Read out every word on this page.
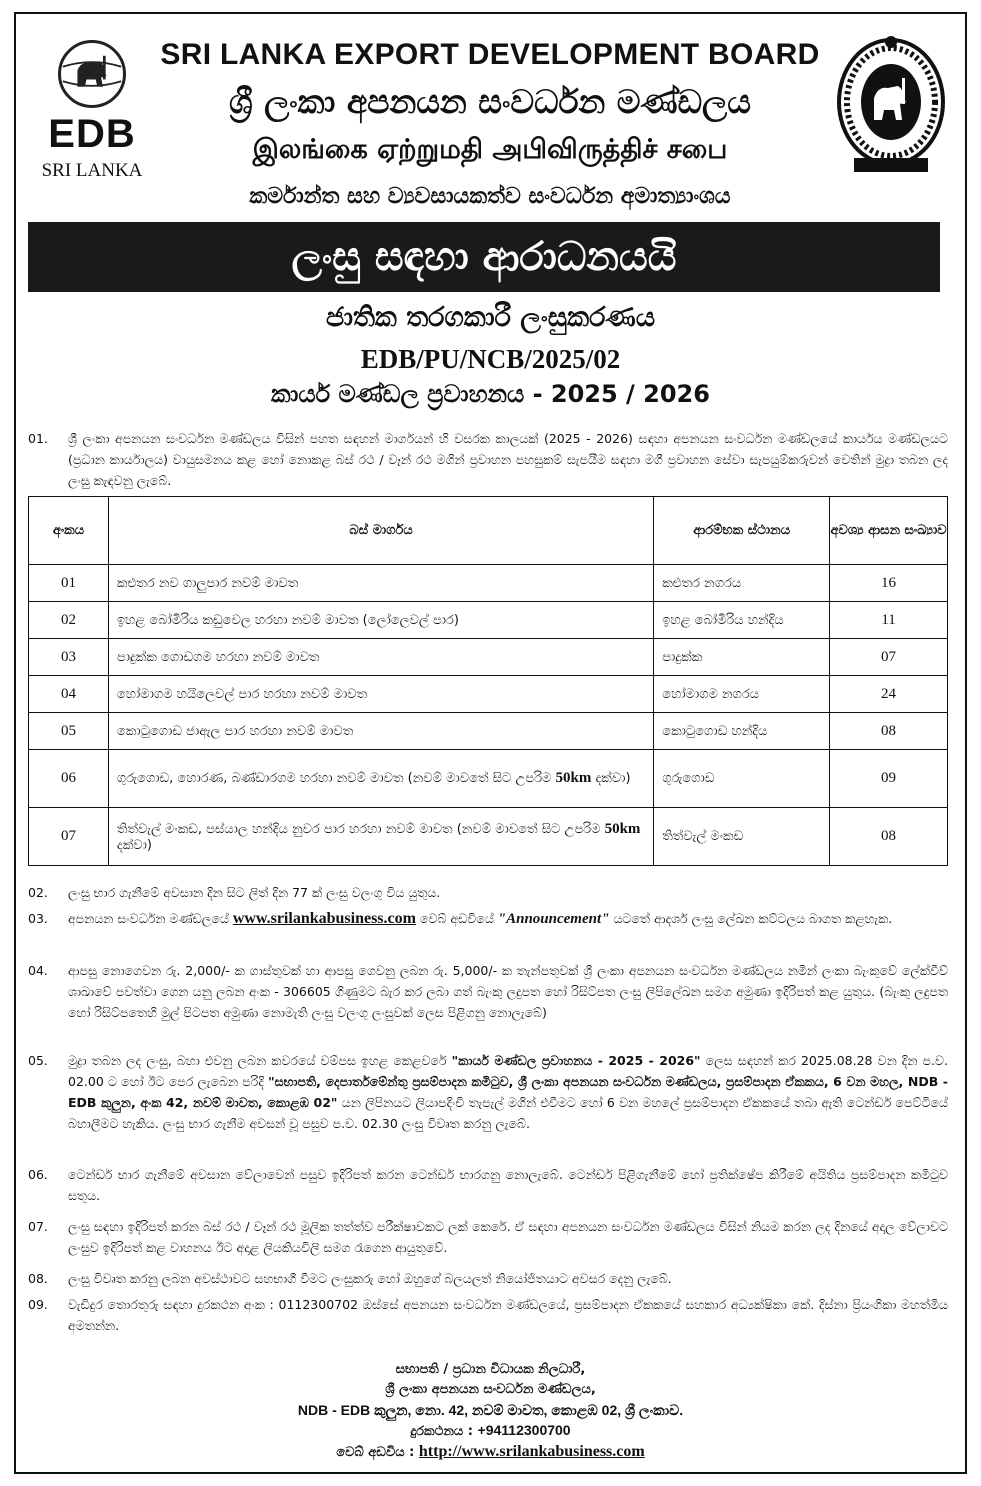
EDB
SRI LANKA
SRI LANKA EXPORT DEVELOPMENT BOARD
ශ්‍රී ලංකා අපනයන සංවර්ධන මණ්ඩලය
இலங்கை ஏற்றுமதி அபிவிருத்திச் சபை
කර්මාන්ත සහ ව්‍යවසායකත්ව සංවර්ධන අමාත්‍යාංශය
ලංසු සඳහා ආරාධනයයි
ජාතික තරගකාරී ලංසුකරණය
EDB/PU/NCB/2025/02
කාර්ය මණ්ඩල ප්‍රවාහනය - 2025 / 2026
01.	ශ්‍රී ලංකා අපනයන සංවර්ධන මණ්ඩලය විසින් පහත සඳහන් මාර්ගයන් හි වසරක කාලයක් (2025 - 2026) සඳහා අපනයන සංවර්ධන මණ්ඩලයේ කාර්යය මණ්ඩලයට (ප්‍රධාන කාර්යාලය) වායුසමනය කළ හෝ නොකළ බස් රථ / වෑන් රථ මගින් ප්‍රවාහන පහසුකම් සැපයීම සඳහා මගී ප්‍රවාහන සේවා සැපයුම්කරුවන් වෙතින් මුද්‍රා තබන ලද ලංසු කැඳවනු ලැබේ.
අංකය	බස් මාර්ගය	ආරම්භක ස්ථානය	අවශ්‍ය ආසන සංඛ්‍යාව
01	කළුතර නව ගාලුපාර නවම් මාවත	කළුතර නගරය	16
02	ඉහළ බෝමිරිය කඩුවෙල හරහා නවම් මාවත (ලෝලෙවල් පාර)	ඉහළ බෝමිරිය හන්දිය	11
03	පාදුක්ක ගොඩගම හරහා නවම් මාවත	පාදුක්ක	07
04	හෝමාගම හයිලෙවල් පාර හරහා නවම් මාවත	හෝමාගම නගරය	24
05	කොටුගොඩ ජාඇල පාර හරහා නවම් මාවත	කොටුගොඩ හන්දිය	08
06	ගුරුගොඩ, හොරණ, බණ්ඩාරගම හරහා නවම් මාවත (නවම් මාවතේ සිට උපරිම 50km දක්වා)	ගුරුගොඩ	09
07	තිත්වැල් මංකඩ, පස්යාල හන්දිය නුවර පාර හරහා නවම් මාවත (නවම් මාවතේ සිට උපරිම 50km දක්වා)	තිත්වැල් මංකඩ	08
02.	ලංසු භාර ගැනීමේ අවසාන දින සිට ලිත් දින 77 ක් ලංසු වලංගු විය යුතුය.
03.	අපනයන සංවර්ධන මණ්ඩලයේ www.srilankabusiness.com වෙබ් අඩවියේ "Announcement" යටතේ ආදර්ශ ලංසු ලේඛන කට්ටලය බාගත කළහැක.
04.	ආපසු නොගෙවන රු. 2,000/- ක ගාස්තුවක් හා ආපසු ගෙවනු ලබන රු. 5,000/- ක තැන්පතුවක් ශ්‍රී ලංකා අපනයන සංවර්ධන මණ්ඩලය නමින් ලංකා බැංකුවේ ලේක්වීව් ශාඛාවේ පවත්වා ගෙන යනු ලබන අංක - 306605 ගිණුමට බැර කර ලබා ගත් බැංකු ලදුපත හෝ රිසිට්පත ලංසු ලිපිලේඛන සමග අමුණා ඉදිරිපත් කළ යුතුය. (බැංකු ලදුපත හෝ රිසිට්පතෙහි මුල් පිටපත අමුණා නොමැති ලංසු වලංගු ලංසුවක් ලෙස පිළිගනු නොලැබේ)
05.	මුද්‍රා තබන ලද ලංසු, බහා එවනු ලබන කවරයේ වම්පස ඉහළ කෙළවරේ "කාර්ය මණ්ඩල ප්‍රවාහනය - 2025 - 2026" ලෙස සඳහන් කර 2025.08.28 වන දින ප.ව. 02.00 ට හෝ ඊට පෙර ලැබෙන පරිදි "සභාපති, දෙපාර්තමේන්තු ප්‍රසම්පාදන කමිටුව, ශ්‍රී ලංකා අපනයන සංවර්ධන මණ්ඩලය, ප්‍රසම්පාදන ඒකකය, 6 වන මහල, NDB - EDB කුලුන, අංක 42, නවම් මාවත, කොළඹ 02" යන ලිපිනයට ලියාපදිංචි තැපැල් මගින් එවීමට හෝ 6 වන මහලේ ප්‍රසම්පාදන ඒකකයේ තබා ඇති ටෙන්ඩර් පෙට්ටියේ බහාලීමට හැකිය. ලංසු භාර ගැනීම අවසන් වූ පසුව ප.ව. 02.30 ලංසු විවෘත කරනු ලැබේ.
06.	ටෙන්ඩර් භාර ගැනීමේ අවසාන වේලාවෙන් පසුව ඉදිරිපත් කරන ටෙන්ඩර් භාරගනු නොලැබේ. ටෙන්ඩර් පිළිගැනීමේ හෝ ප්‍රතික්ෂේප කිරීමේ අයිතිය ප්‍රසම්පාදන කමිටුව සතුය.
07.	ලංසු සඳහා ඉදිරිපත් කරන බස් රථ / වෑන් රථ මූලික තත්ත්ව පරීක්ෂාවකට ලක් කෙරේ. ඒ සඳහා අපනයන සංවර්ධන මණ්ඩලය විසින් නියම කරන ලද දිනයේ අදාල වේලාවට ලංසුව ඉදිරිපත් කළ වාහනය ඊට අදාළ ලියකියවිලි සමග රැගෙන ආයුතුවේ.
08.	ලංසු විවෘත කරනු ලබන අවස්ථාවට සහභාගී වීමට ලංසුකරු හෝ ඔහුගේ බලයලත් නියෝජිතයාට අවසර දෙනු ලැබේ.
09.	වැඩිදුර තොරතුරු සඳහා දුරකථන අංක : 0112300702 ඔස්සේ අපනයන සංවර්ධන මණ්ඩලයේ, ප්‍රසම්පාදන ඒකකයේ සහකාර අධ්‍යක්ෂිකා කේ. දිස්නා ප්‍රියංගිකා මහත්මිය අමතන්න.
සභාපති / ප්‍රධාන විධායක නිලධාරී,
ශ්‍රී ලංකා අපනයන සංවර්ධන මණ්ඩලය,
NDB - EDB කුලුන, නො. 42, නවම් මාවත, කොළඹ 02, ශ්‍රී ලංකාව.
දුරකථනය : +94112300700
වෙබ් අඩවිය : http://www.srilankabusiness.com
